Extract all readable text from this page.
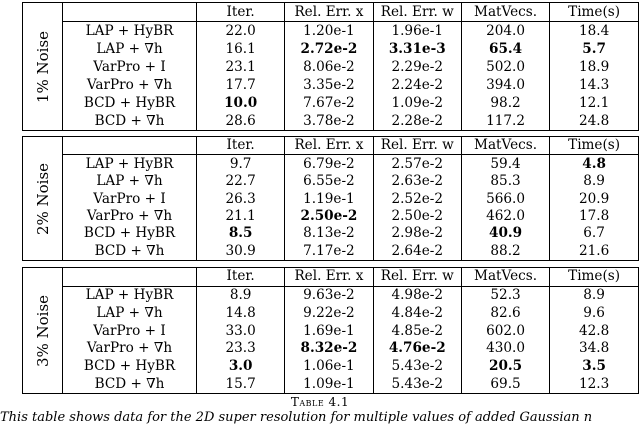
1% Noise
	Iter.	Rel. Err. x	Rel. Err. w	MatVecs.	Time(s)
LAP + HyBR	22.0	1.20e-1	1.96e-1	204.0	18.4
LAP + ∇h	16.1	2.72e-2	3.31e-3	65.4	5.7
VarPro + I	23.1	8.06e-2	2.29e-2	502.0	18.9
VarPro + ∇h	17.7	3.35e-2	2.24e-2	394.0	14.3
BCD + HyBR	10.0	7.67e-2	1.09e-2	98.2	12.1
BCD + ∇h	28.6	3.78e-2	2.28e-2	117.2	24.8
2% Noise
	Iter.	Rel. Err. x	Rel. Err. w	MatVecs.	Time(s)
LAP + HyBR	9.7	6.79e-2	2.57e-2	59.4	4.8
LAP + ∇h	22.7	6.55e-2	2.63e-2	85.3	8.9
VarPro + I	26.3	1.19e-1	2.52e-2	566.0	20.9
VarPro + ∇h	21.1	2.50e-2	2.50e-2	462.0	17.8
BCD + HyBR	8.5	8.13e-2	2.98e-2	40.9	6.7
BCD + ∇h	30.9	7.17e-2	2.64e-2	88.2	21.6
3% Noise
	Iter.	Rel. Err. x	Rel. Err. w	MatVecs.	Time(s)
LAP + HyBR	8.9	9.63e-2	4.98e-2	52.3	8.9
LAP + ∇h	14.8	9.22e-2	4.84e-2	82.6	9.6
VarPro + I	33.0	1.69e-1	4.85e-2	602.0	42.8
VarPro + ∇h	23.3	8.32e-2	4.76e-2	430.0	34.8
BCD + HyBR	3.0	1.06e-1	5.43e-2	20.5	3.5
BCD + ∇h	15.7	1.09e-1	5.43e-2	69.5	12.3
Table 4.1
This table shows data for the 2D super resolution for multiple values of added Gaussian n
